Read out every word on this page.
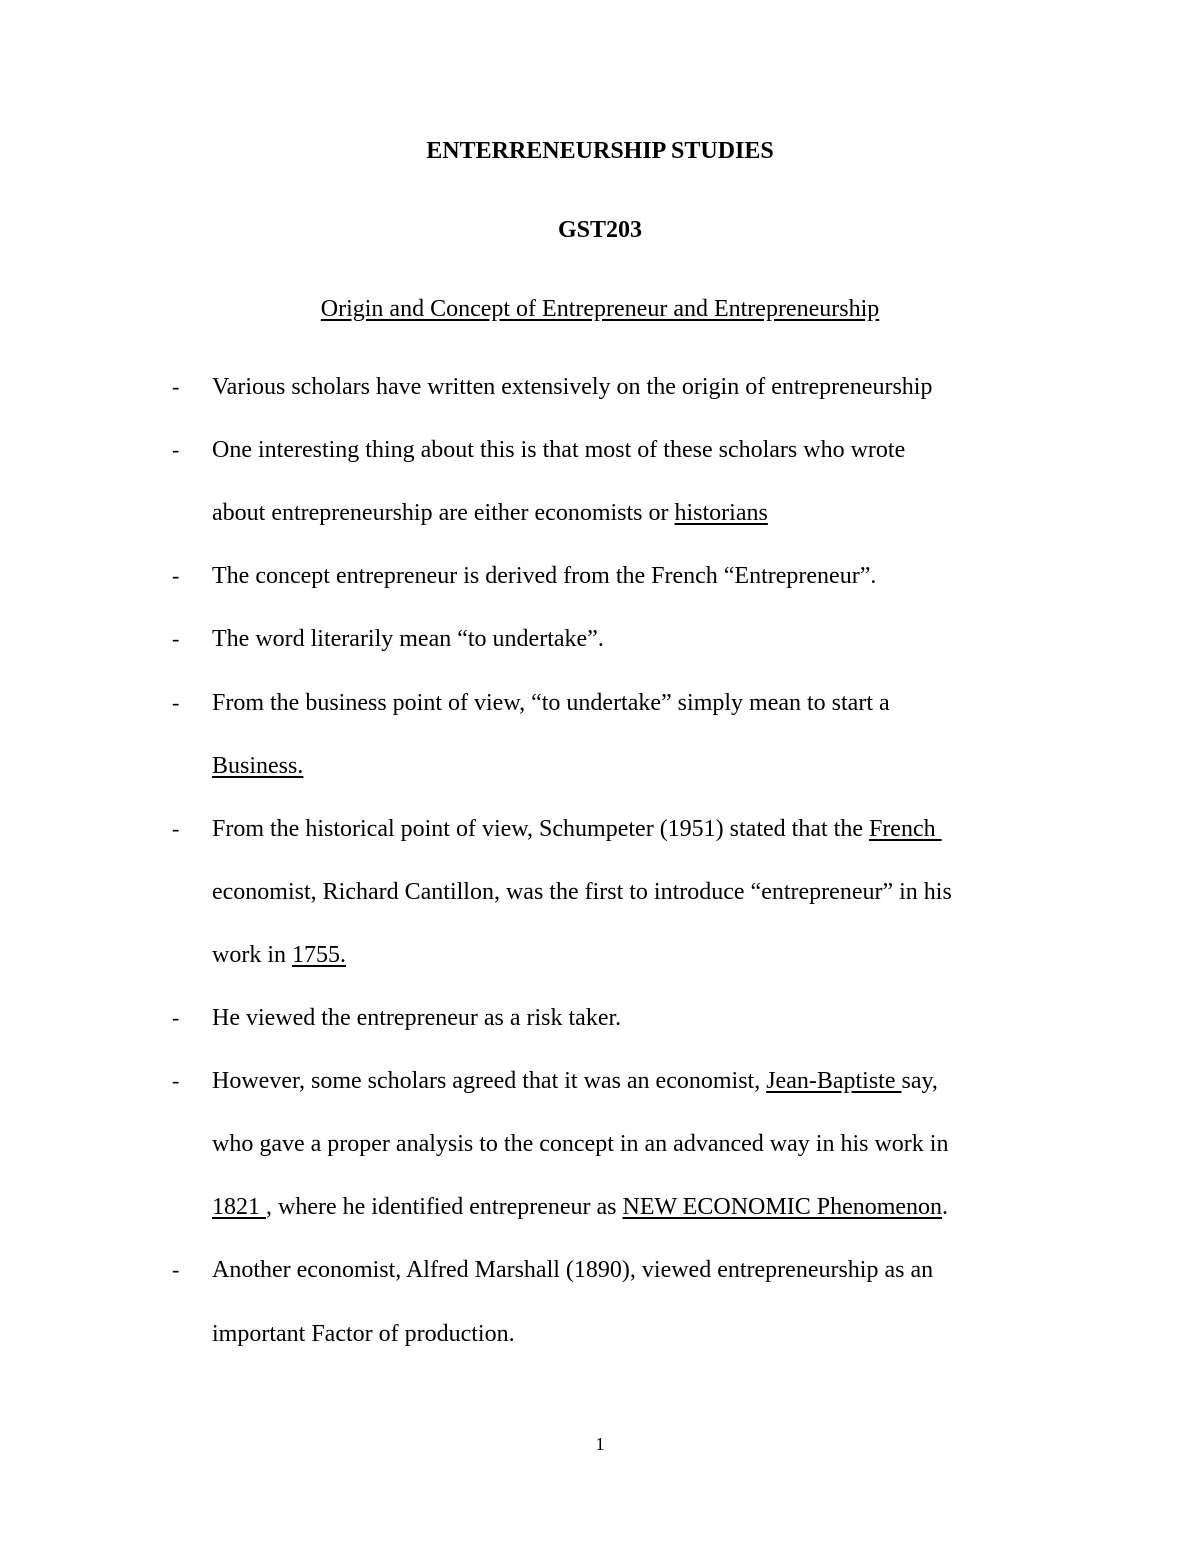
ENTERRENEURSHIP STUDIES
GST203
Origin and Concept of Entrepreneur and Entrepreneurship
- Various scholars have written extensively on the origin of entrepreneurship
- One interesting thing about this is that most of these scholars who wrote
about entrepreneurship are either economists or historians
- The concept entrepreneur is derived from the French “Entrepreneur”.
- The word literarily mean “to undertake”.
- From the business point of view, “to undertake” simply mean to start a
Business.
- From the historical point of view, Schumpeter (1951) stated that the French
economist, Richard Cantillon, was the first to introduce “entrepreneur” in his
work in 1755.
- He viewed the entrepreneur as a risk taker.
- However, some scholars agreed that it was an economist, Jean-Baptiste say,
who gave a proper analysis to the concept in an advanced way in his work in
1821 , where he identified entrepreneur as NEW ECONOMIC Phenomenon.
- Another economist, Alfred Marshall (1890), viewed entrepreneurship as an
important Factor of production.
1
